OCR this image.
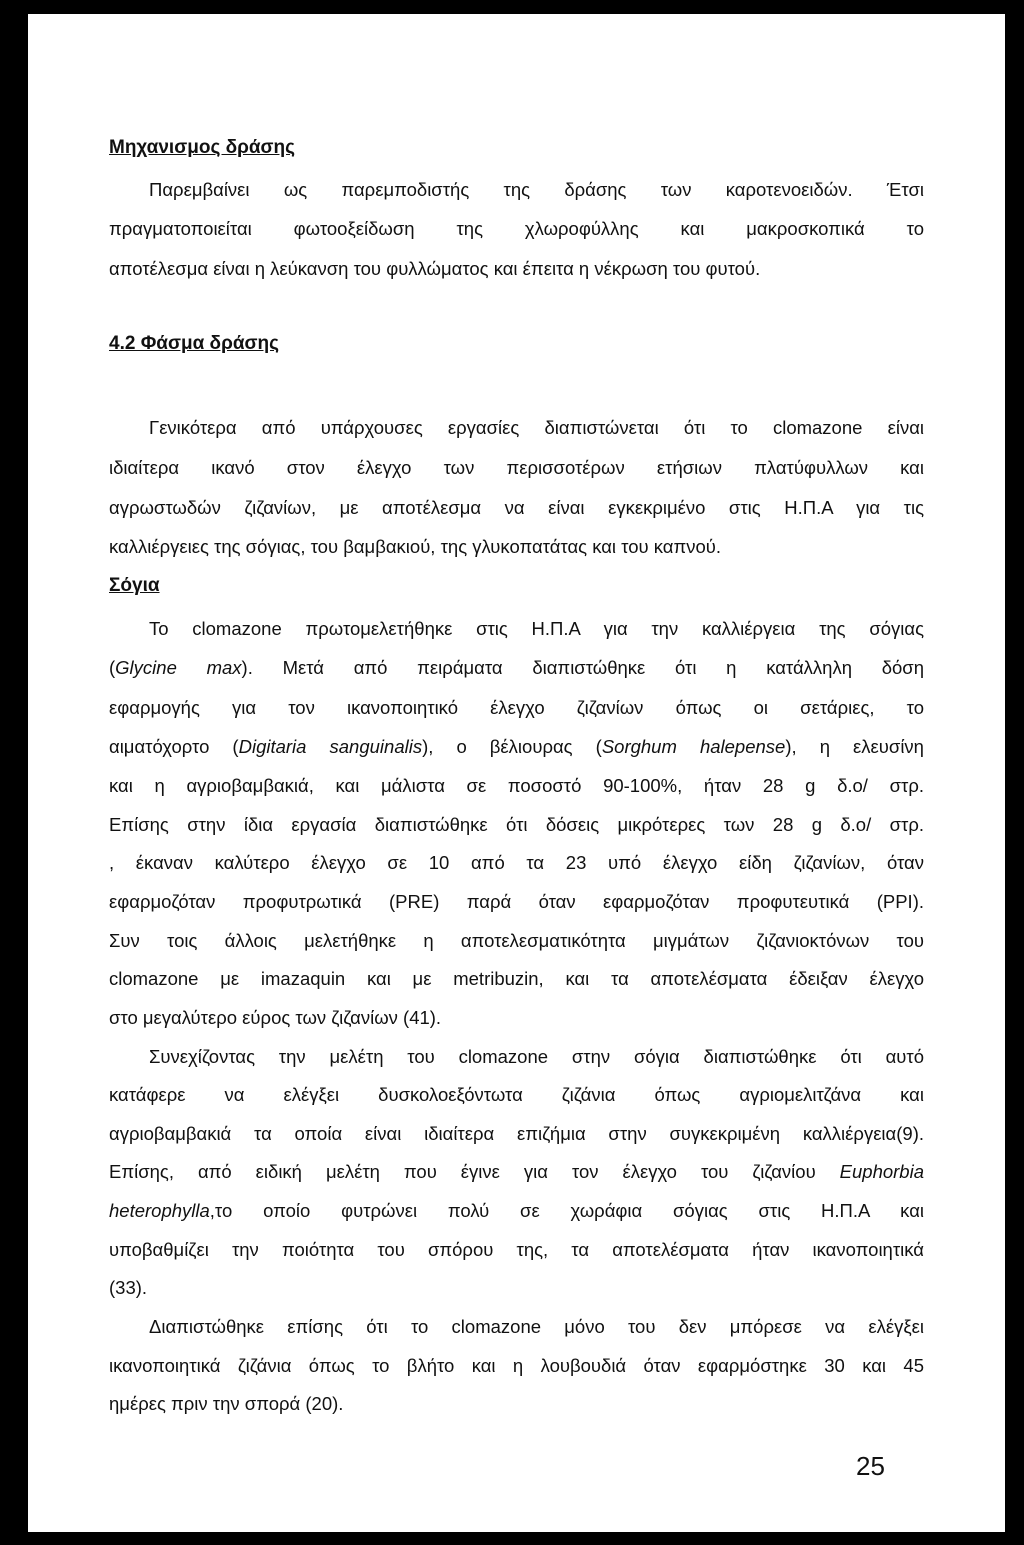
Μηχανισμος δράσης
Παρεμβαίνει ως παρεμποδιστής της δράσης των καροτενοειδών. Έτσι
πραγματοποιείται φωτοοξείδωση της χλωροφύλλης και μακροσκοπικά το
αποτέλεσμα είναι η λεύκανση του φυλλώματος και έπειτα η νέκρωση του φυτού.
4.2 Φάσμα δράσης
Γενικότερα από υπάρχουσες εργασίες διαπιστώνεται ότι το clomazone είναι
ιδιαίτερα ικανό στον έλεγχο των περισσοτέρων ετήσιων πλατύφυλλων και
αγρωστωδών ζιζανίων, με αποτέλεσμα να είναι εγκεκριμένο στις Η.Π.Α για τις
καλλιέργειες της σόγιας, του βαμβακιού, της γλυκοπατάτας και του καπνού.
Σόγια
Το clomazone πρωτομελετήθηκε στις Η.Π.Α για την καλλιέργεια της σόγιας
(Glycine max). Μετά από πειράματα διαπιστώθηκε ότι η κατάλληλη δόση
εφαρμογής για τον ικανοποιητικό έλεγχο ζιζανίων όπως οι σετάριες, το
αιματόχορτο (Digitaria sanguinalis), ο βέλιουρας (Sorghum halepense), η ελευσίνη
και η αγριοβαμβακιά, και μάλιστα σε ποσοστό 90-100%, ήταν 28 g δ.ο/ στρ.
Επίσης στην ίδια εργασία διαπιστώθηκε ότι δόσεις μικρότερες των 28 g δ.ο/ στρ.
, έκαναν καλύτερο έλεγχο σε 10 από τα 23 υπό έλεγχο είδη ζιζανίων, όταν
εφαρμοζόταν προφυτρωτικά (PRE) παρά όταν εφαρμοζόταν προφυτευτικά (PPI).
Συν τοις άλλοις μελετήθηκε η αποτελεσματικότητα μιγμάτων ζιζανιοκτόνων του
clomazone με imazaquin και με metribuzin, και τα αποτελέσματα έδειξαν έλεγχο
στο μεγαλύτερο εύρος των ζιζανίων (41).
Συνεχίζοντας την μελέτη του clomazone στην σόγια διαπιστώθηκε ότι αυτό
κατάφερε να ελέγξει δυσκολοεξόντωτα ζιζάνια όπως αγριομελιτζάνα και
αγριοβαμβακιά τα οποία είναι ιδιαίτερα επιζήμια στην συγκεκριμένη καλλιέργεια(9).
Επίσης, από ειδική μελέτη που έγινε για τον έλεγχο του ζιζανίου Euphorbia
heterophylla,το οποίο φυτρώνει πολύ σε χωράφια σόγιας στις Η.Π.Α και
υποβαθμίζει την ποιότητα του σπόρου της, τα αποτελέσματα ήταν ικανοποιητικά
(33).
Διαπιστώθηκε επίσης ότι το clomazone μόνο του δεν μπόρεσε να ελέγξει
ικανοποιητικά ζιζάνια όπως το βλήτο και η λουβουδιά όταν εφαρμόστηκε 30 και 45
ημέρες πριν την σπορά (20).
25
